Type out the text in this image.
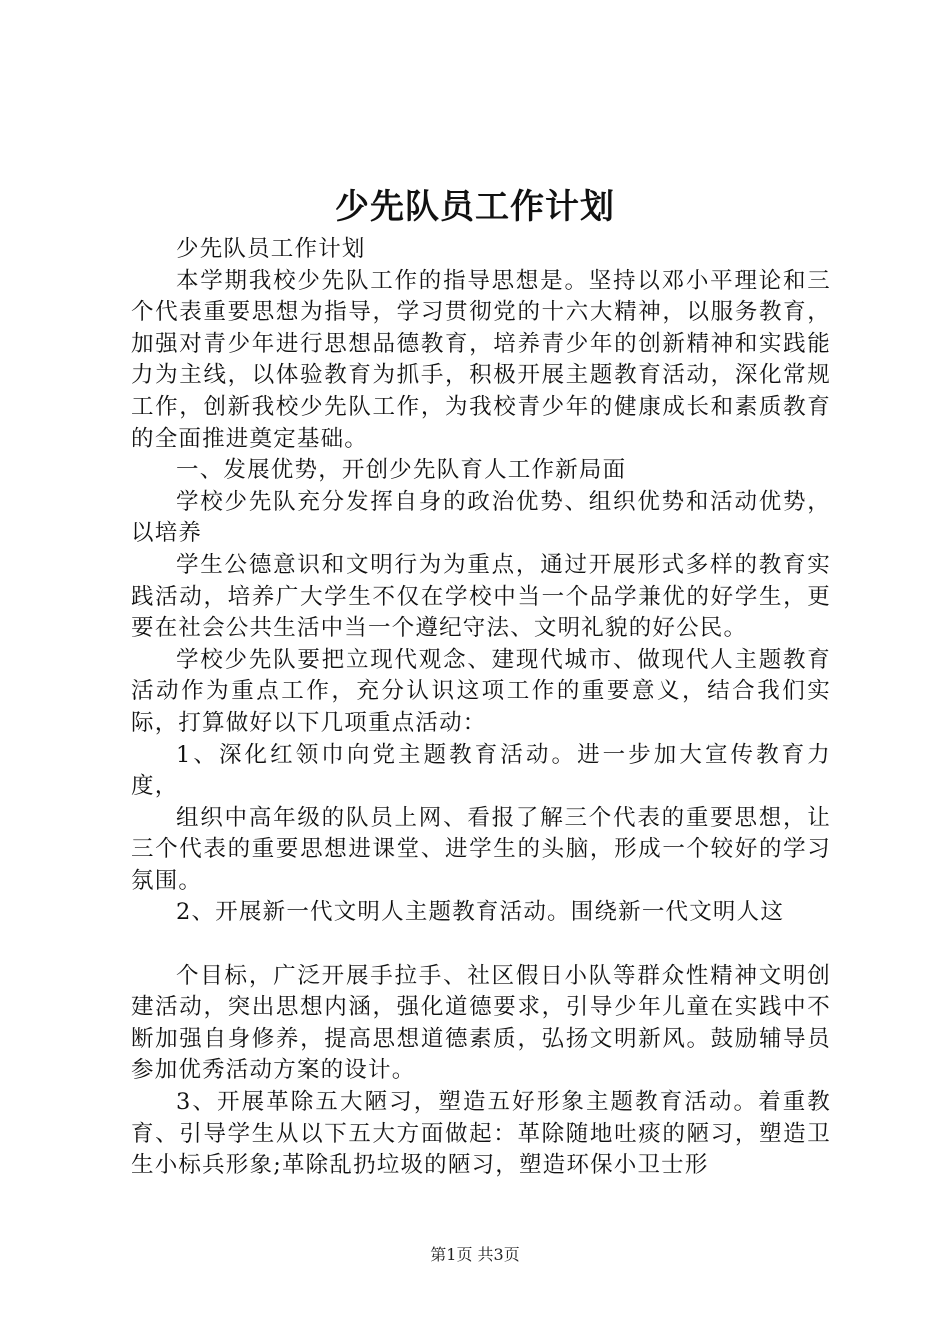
少先队员工作计划

少先队员工作计划

本学期我校少先队工作的指导思想是。坚持以邓小平理论和三个代表重要思想为指导，学习贯彻党的十六大精神，以服务教育，加强对青少年进行思想品德教育，培养青少年的创新精神和实践能力为主线，以体验教育为抓手，积极开展主题教育活动，深化常规工作，创新我校少先队工作，为我校青少年的健康成长和素质教育的全面推进奠定基础。

一、发展优势，开创少先队育人工作新局面

学校少先队充分发挥自身的政治优势、组织优势和活动优势，以培养

学生公德意识和文明行为为重点，通过开展形式多样的教育实践活动，培养广大学生不仅在学校中当一个品学兼优的好学生，更要在社会公共生活中当一个遵纪守法、文明礼貌的好公民。

学校少先队要把立现代观念、建现代城市、做现代人主题教育活动作为重点工作，充分认识这项工作的重要意义，结合我们实际，打算做好以下几项重点活动：

1、深化红领巾向党主题教育活动。进一步加大宣传教育力度，

组织中高年级的队员上网、看报了解三个代表的重要思想，让三个代表的重要思想进课堂、进学生的头脑，形成一个较好的学习氛围。

2、开展新一代文明人主题教育活动。围绕新一代文明人这

个目标，广泛开展手拉手、社区假日小队等群众性精神文明创建活动，突出思想内涵，强化道德要求，引导少年儿童在实践中不断加强自身修养，提高思想道德素质，弘扬文明新风。鼓励辅导员参加优秀活动方案的设计。

3、开展革除五大陋习，塑造五好形象主题教育活动。着重教育、引导学生从以下五大方面做起：革除随地吐痰的陋习，塑造卫生小标兵形象;革除乱扔垃圾的陋习，塑造环保小卫士形

第1页 共3页
